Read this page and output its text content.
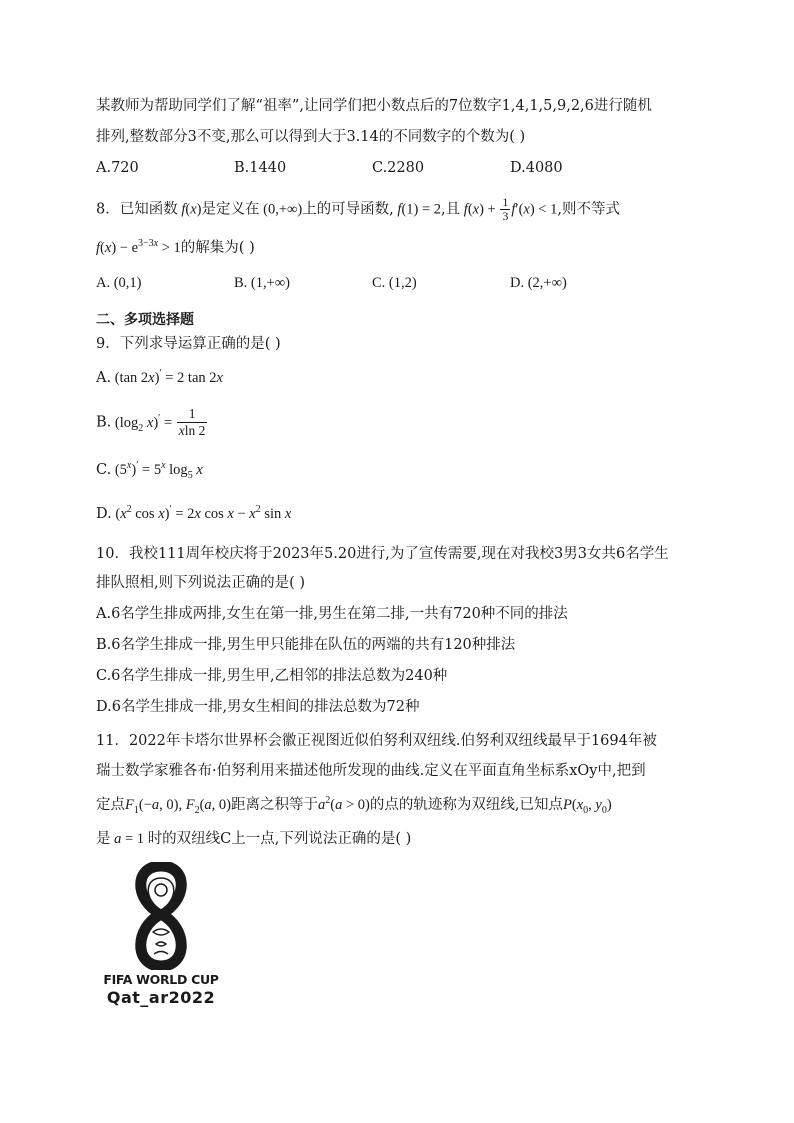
某教师为帮助同学们了解“祖率”,让同学们把小数点后的7位数字1,4,1,5,9,2,6进行随机
排列,整数部分3不变,那么可以得到大于3.14的不同数字的个数为( )
A.720	B.1440	C.2280	D.4080
8．已知函数 f(x)是定义在 (0,+∞)上的可导函数, f(1) = 2,且 $f(x) + \frac{1}{3} f'(x) < 1$,则不等式
$f(x) - e^{3-3x} > 1$的解集为( )
A. (0,1)	B. (1,+∞)	C. (1,2)	D. (2,+∞)
二、多项选择题
9．下列求导运算正确的是( )
A. (tan 2x)′ = 2 tan 2x
B. ($\log_2$ $x)' = \frac{1}{xln 2}$
C. $(5^x)' = 5^x$ $\log_5 x$
D. ($x^2$ cos x)′ = 2x $\cos x - x^2$ sin x
10．我校111周年校庆将于2023年5.20进行,为了宣传需要,现在对我校3男3女共6名学生
排队照相,则下列说法正确的是( )
A.6名学生排成两排,女生在第一排,男生在第二排,一共有720种不同的排法
B.6名学生排成一排,男生甲只能排在队伍的两端的共有120种排法
C.6名学生排成一排,男生甲,乙相邻的排法总数为240种
D.6名学生排成一排,男女生相间的排法总数为72种
11．2022年卡塔尔世界杯会徽正视图近似伯努利双纽线.伯努利双纽线最早于1694年被
瑞士数学家雅各布·伯努利用来描述他所发现的曲线.定义在平面直角坐标系xOy中,把到
定点$F_1(-a$, 0), $F_2(a$, 0)距离之积等于$a^2(a > 0)$的点的轨迹称为双纽线,已知点$P(x_0$, $y_0$)
是 a = 1 时的双纽线C上一点,下列说法正确的是( )
FIFA WORLD CUP
Qat_ar2022
